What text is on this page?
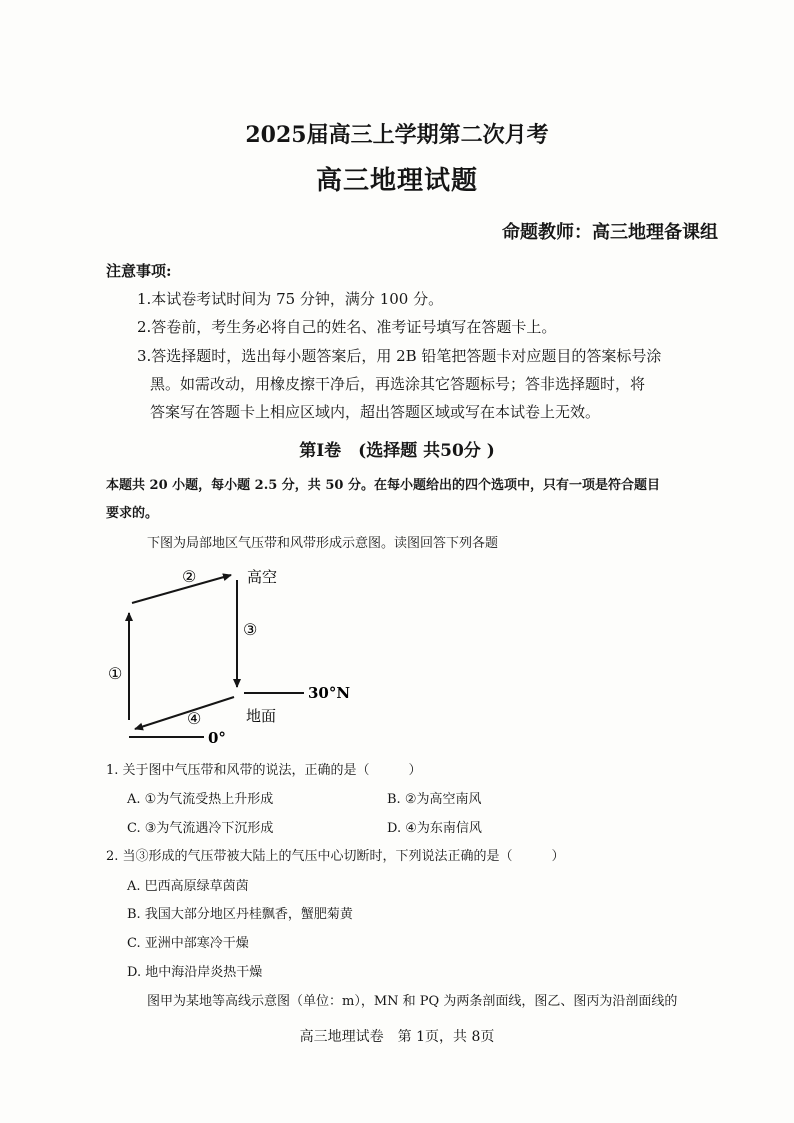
2025届高三上学期第二次月考
高三地理试题
命题教师：高三地理备课组
注意事项:
1.本试卷考试时间为 75 分钟，满分 100 分。
2.答卷前，考生务必将自己的姓名、准考证号填写在答题卡上。
3.答选择题时，选出每小题答案后，用 2B 铅笔把答题卡对应题目的答案标号涂
黑。如需改动，用橡皮擦干净后，再选涂其它答题标号；答非选择题时，将
答案写在答题卡上相应区域内，超出答题区域或写在本试卷上无效。
第Ⅰ卷　(选择题 共50分 )
本题共 20 小题，每小题 2.5 分，共 50 分。在每小题给出的四个选项中，只有一项是符合题目
要求的。
下图为局部地区气压带和风带形成示意图。读图回答下列各题
高空
地面
30°N
0°
①
②
③
④
1. 关于图中气压带和风带的说法，正确的是（　　　）
A. ①为气流受热上升形成	B. ②为高空南风
C. ③为气流遇冷下沉形成	D. ④为东南信风
2. 当③形成的气压带被大陆上的气压中心切断时，下列说法正确的是（　　　）
A. 巴西高原绿草茵茵
B. 我国大部分地区丹桂飘香，蟹肥菊黄
C. 亚洲中部寒冷干燥
D. 地中海沿岸炎热干燥
图甲为某地等高线示意图（单位：m），MN 和 PQ 为两条剖面线，图乙、图丙为沿剖面线的
高三地理试卷　第 1页，共 8页
